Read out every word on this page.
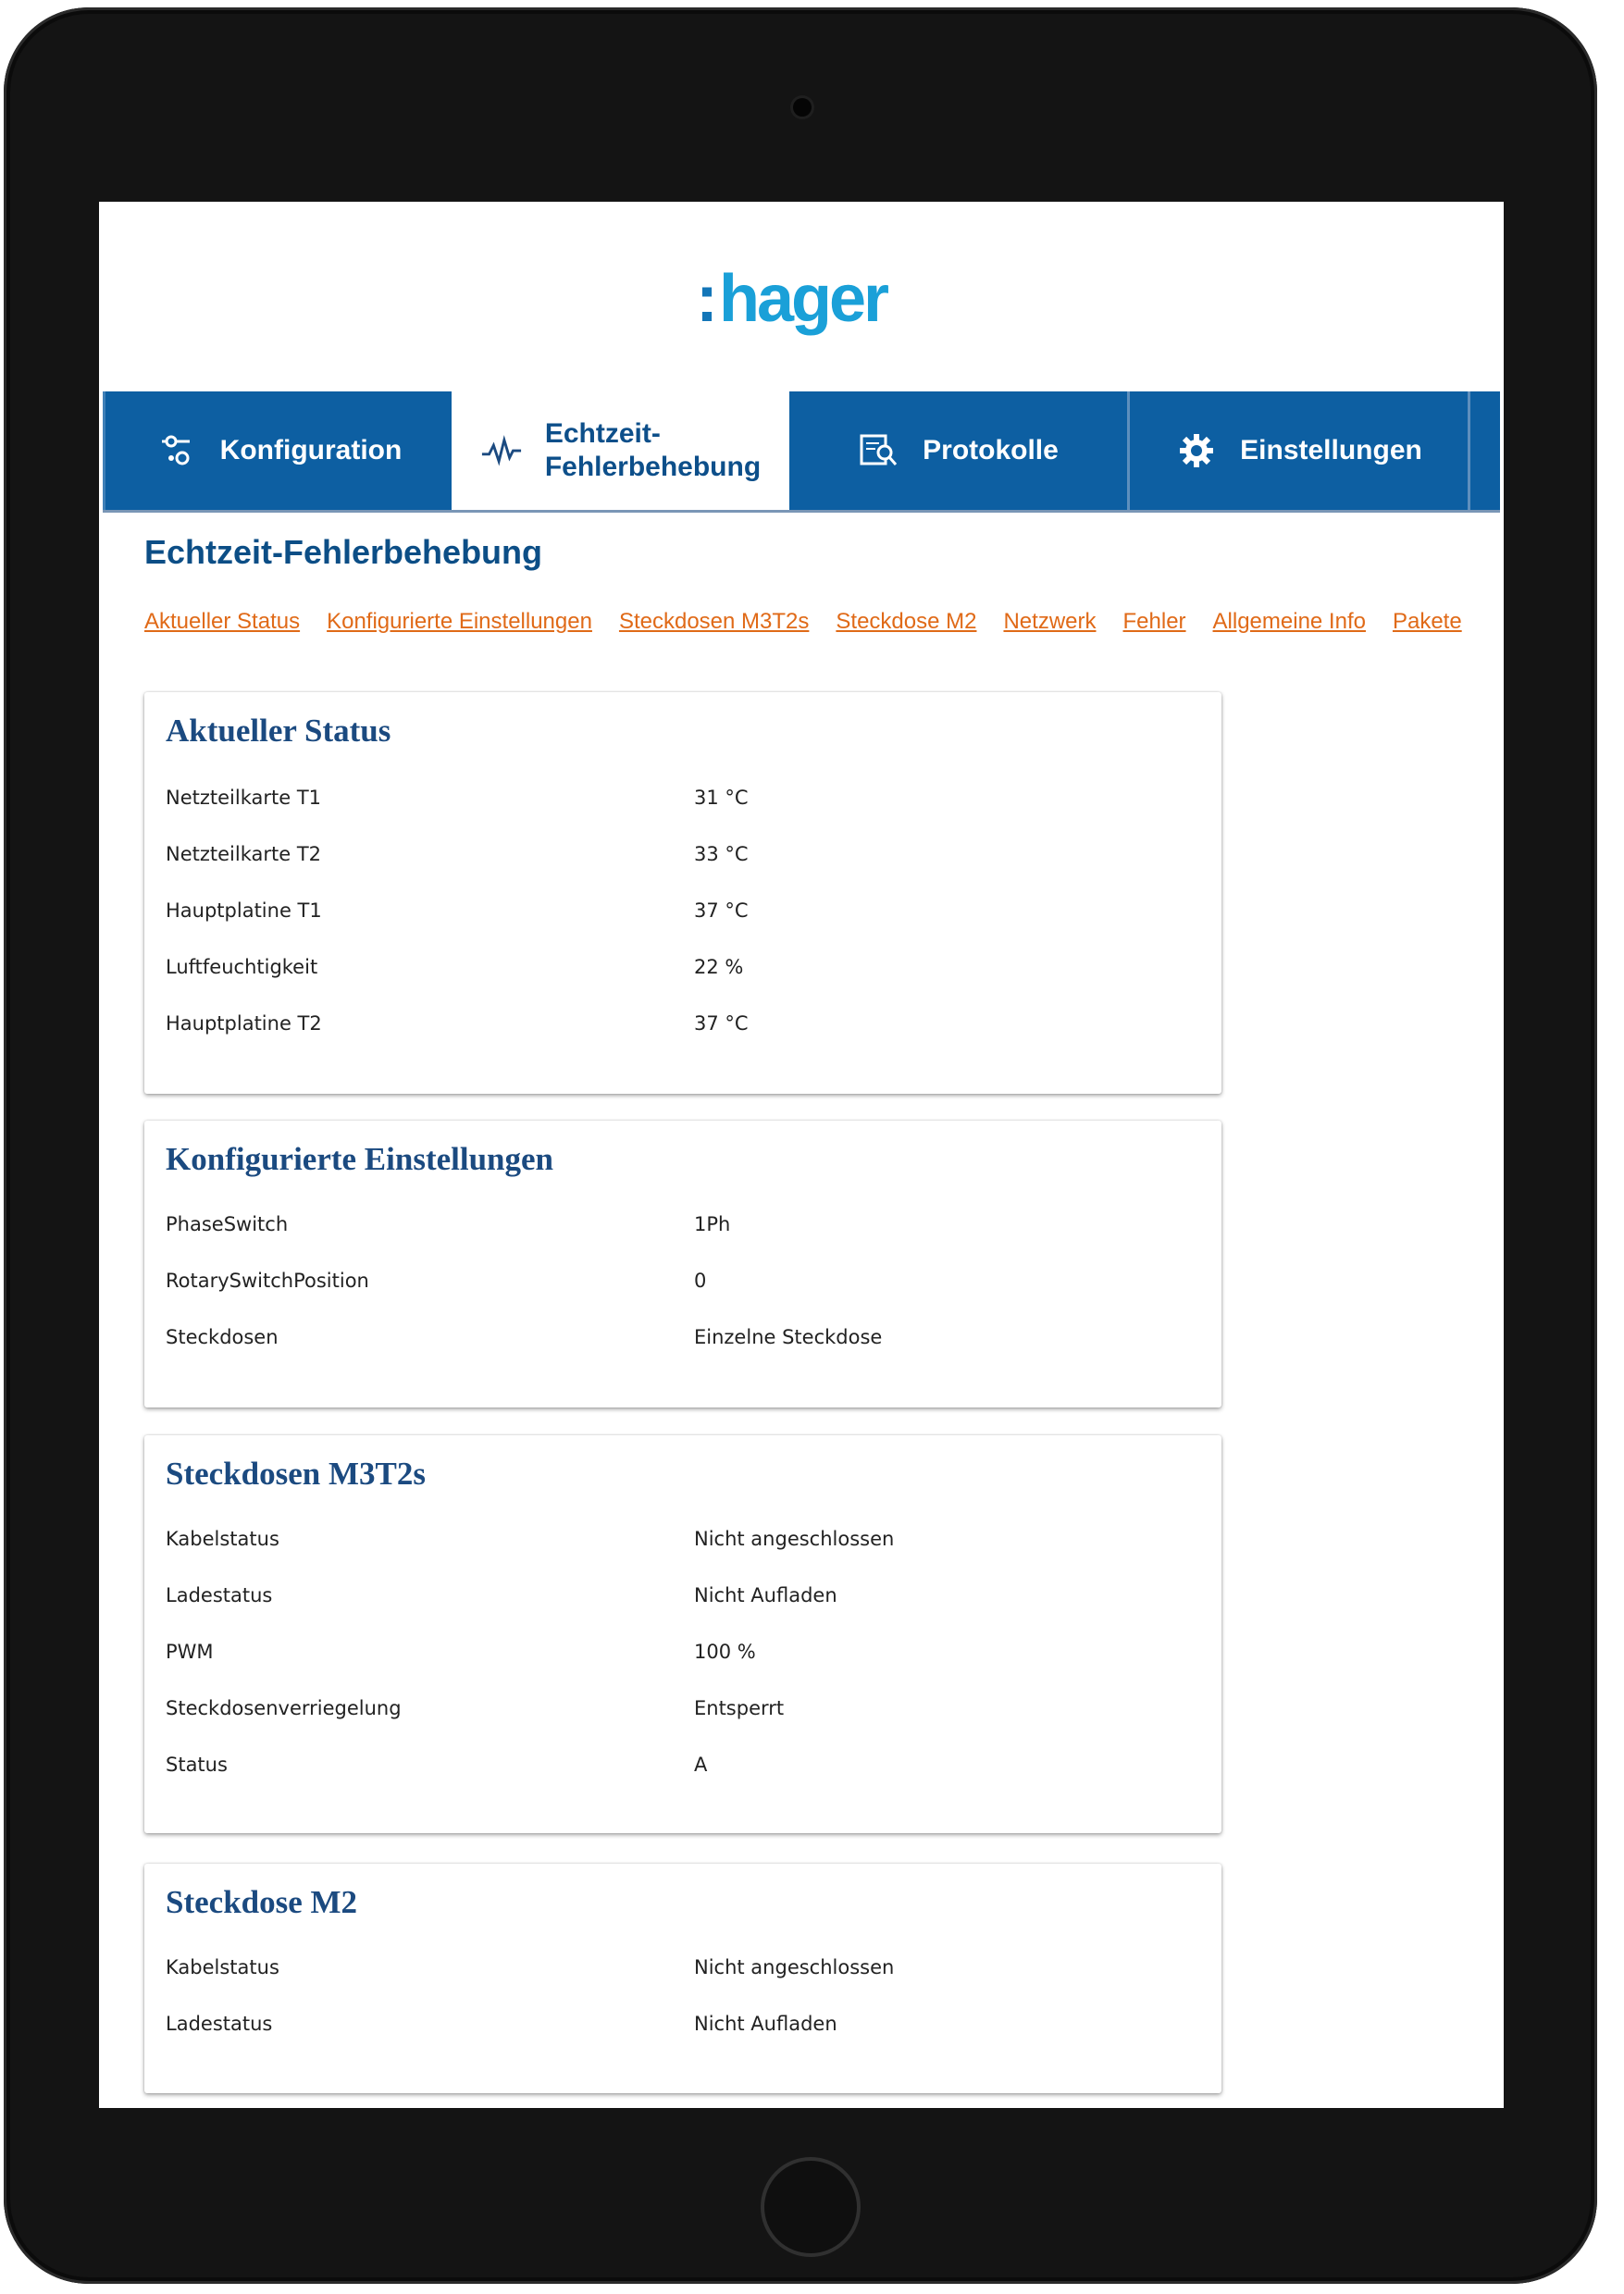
:hager
Konfiguration
Echtzeit-
Fehlerbehebung
Protokolle	Einstellungen
Echtzeit-Fehlerbehebung
Aktueller Status Konfigurierte Einstellungen Steckdosen M3T2s Steckdose M2 Netzwerk Fehler Allgemeine Info Pakete
Aktueller Status
Netzteilkarte T1	31 °C
Netzteilkarte T2	33 °C
Hauptplatine T1	37 °C
Luftfeuchtigkeit	22 %
Hauptplatine T2	37 °C
Konfigurierte Einstellungen
PhaseSwitch	1Ph
RotarySwitchPosition	0
Steckdosen	Einzelne Steckdose
Steckdosen M3T2s
Kabelstatus	Nicht angeschlossen
Ladestatus	Nicht Aufladen
PWM	100 %
Steckdosenverriegelung	Entsperrt
Status	A
Steckdose M2
Kabelstatus	Nicht angeschlossen
Ladestatus	Nicht Aufladen
